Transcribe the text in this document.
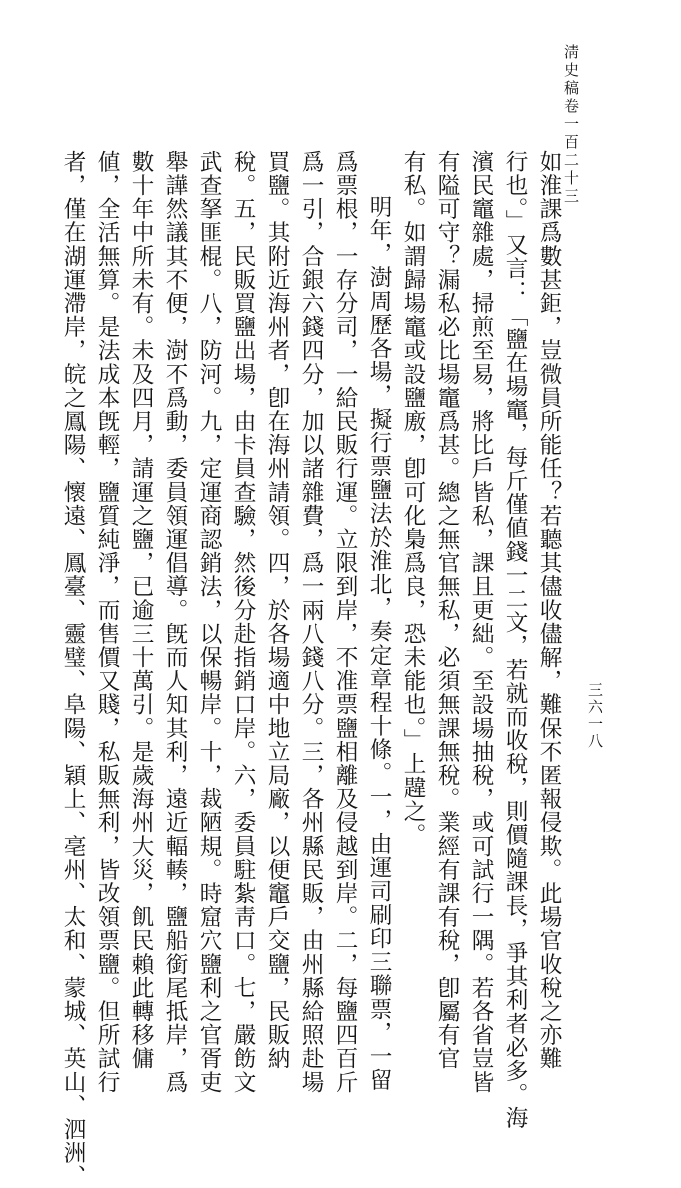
淸史稿卷一百二十三
三六一八

如淮課爲數甚鉅，豈微員所能任？若聽其儘收儘解，難保不匿報侵欺。此場官收稅之亦難

行也。」又言：「鹽在場竈，每斤僅値錢一二文，若就而收稅，則價隨課長，爭其利者必多。海

濱民竈雜處，掃煎至易，將比戶皆私，課且更絀。至設場抽稅，或可試行一隅。若各省豈皆

有隘可守？漏私必比場竈爲甚。總之無官無私，必須無課無稅。業經有課有稅，卽屬有官

有私。如謂歸場竈或設鹽廒，卽可化梟爲良，恐未能也。」上韙之。

明年，澍周歷各場，擬行票鹽法於淮北，奏定章程十條。一，由運司刷印三聯票，一留

爲票根，一存分司，一給民販行運。立限到岸，不准票鹽相離及侵越到岸。二，每鹽四百斤

爲一引，合銀六錢四分，加以諸雜費，爲一兩八錢八分。三，各州縣民販，由州縣給照赴場

買鹽。其附近海州者，卽在海州請領。四，於各場適中地立局廠，以便竈戶交鹽，民販納

稅。五，民販買鹽出場，由卡員查驗，然後分赴指銷口岸。六，委員駐紮靑口。七，嚴飭文

武查拏匪棍。八，防河。九，定運商認銷法，以保暢岸。十，裁陋規。時窟穴鹽利之官胥吏

舉譁然議其不便，澍不爲動，委員領運倡導。旣而人知其利，遠近輻輳，鹽船銜尾抵岸，爲

數十年中所未有。未及四月，請運之鹽，已逾三十萬引。是歲海州大災，飢民賴此轉移傭

値，全活無算。是法成本旣輕，鹽質純淨，而售價又賤，私販無利，皆改領票鹽。但所試行

者，僅在湖運滯岸，皖之鳳陽、懷遠、鳳臺、靈璧、阜陽、穎上、亳州、太和、蒙城、英山、泗洲、
